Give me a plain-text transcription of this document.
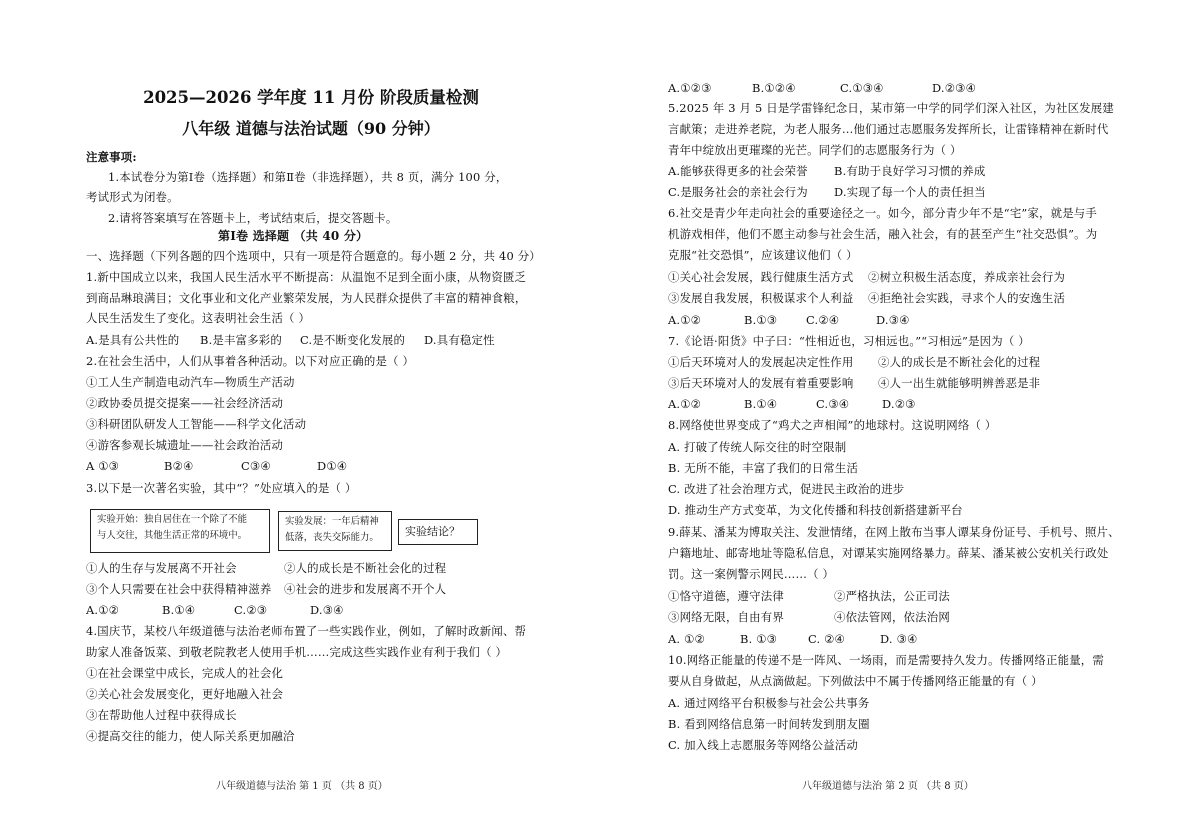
2025—2026 学年度 11 月份 阶段质量检测
八年级 道德与法治试题（90 分钟）
注意事项:
1.本试卷分为第Ⅰ卷（选择题）和第Ⅱ卷（非选择题），共 8 页，满分 100 分，
考试形式为闭卷。
2.请将答案填写在答题卡上，考试结束后，提交答题卡。
第Ⅰ卷 选择题 （共 40 分）
一、选择题（下列各题的四个选项中，只有一项是符合题意的。每小题 2 分，共 40 分）
1.新中国成立以来，我国人民生活水平不断提高：从温饱不足到全面小康，从物资匮乏
到商品琳琅满目；文化事业和文化产业繁荣发展，为人民群众提供了丰富的精神食粮，
人民生活发生了变化。这表明社会生活（ ）
A.是具有公共性的 B.是丰富多彩的 C.是不断变化发展的 D.具有稳定性
2.在社会生活中，人们从事着各种活动。以下对应正确的是（ ）
①工人生产制造电动汽车—物质生产活动
②政协委员提交提案——社会经济活动
③科研团队研发人工智能——科学文化活动
④游客参观长城遗址——社会政治活动
A ①③	B②④	C③④	D①④
3.以下是一次著名实验，其中“？”处应填入的是（ ）
实验开始：独自居住在一个除了不能
与人交往，其他生活正常的环境中。
实验发展：一年后精神
低落，丧失交际能力。	实验结论？
①人的生存与发展离不开社会	②人的成长是不断社会化的过程
③个人只需要在社会中获得精神滋养 ④社会的进步和发展离不开个人
A.①②	B.①④	C.②③	D.③④
4.国庆节，某校八年级道德与法治老师布置了一些实践作业，例如，了解时政新闻、帮
助家人准备饭菜、到敬老院教老人使用手机……完成这些实践作业有利于我们（ ）
①在社会课堂中成长，完成人的社会化
②关心社会发展变化，更好地融入社会
③在帮助他人过程中获得成长
④提高交往的能力，使人际关系更加融洽
八年级道德与法治 第 1 页 （共 8 页）
A.①②③	B.①②④	C.①③④	D.②③④
5.2025 年 3 月 5 日是学雷锋纪念日，某市第一中学的同学们深入社区，为社区发展建
言献策；走进养老院，为老人服务…他们通过志愿服务发挥所长，让雷锋精神在新时代
青年中绽放出更璀璨的光芒。同学们的志愿服务行为（ ）
A.能够获得更多的社会荣誉 B.有助于良好学习习惯的养成
C.是服务社会的亲社会行为 D.实现了每一个人的责任担当
6.社交是青少年走向社会的重要途径之一。如今，部分青少年不是“宅”家，就是与手
机游戏相伴，他们不愿主动参与社会生活，融入社会，有的甚至产生“社交恐惧”。为
克服“社交恐惧”，应该建议他们（ ）
①关心社会发展，践行健康生活方式 ②树立积极生活态度，养成亲社会行为
③发展自我发展，积极谋求个人利益 ④拒绝社会实践，寻求个人的安逸生活
A.①②	B.①③	C.②④	D.③④
7.《论语·阳货》中子曰：“性相近也，习相远也。”“习相远”是因为（ ）
①后天环境对人的发展起决定性作用 ②人的成长是不断社会化的过程
③后天环境对人的发展有着重要影响 ④人一出生就能够明辨善恶是非
A.①②	B.①④	C.③④	D.②③
8.网络使世界变成了“鸡犬之声相闻”的地球村。这说明网络（ ）
A. 打破了传统人际交往的时空限制
B. 无所不能，丰富了我们的日常生活
C. 改进了社会治理方式，促进民主政治的进步
D. 推动生产方式变革，为文化传播和科技创新搭建新平台
9.薛某、潘某为博取关注、发泄情绪，在网上散布当事人谭某身份证号、手机号、照片、
户籍地址、邮寄地址等隐私信息，对谭某实施网络暴力。薛某、潘某被公安机关行政处
罚。这一案例警示网民……（ ）
①恪守道德，遵守法律	②严格执法，公正司法
③网络无限，自由有界	④依法管网，依法治网
A. ①②	B. ①③	C. ②④	D. ③④
10.网络正能量的传递不是一阵风、一场雨，而是需要持久发力。传播网络正能量，需
要从自身做起，从点滴做起。下列做法中不属于传播网络正能量的有（ ）
A. 通过网络平台积极参与社会公共事务
B. 看到网络信息第一时间转发到朋友圈
C. 加入线上志愿服务等网络公益活动
八年级道德与法治 第 2 页 （共 8 页）
